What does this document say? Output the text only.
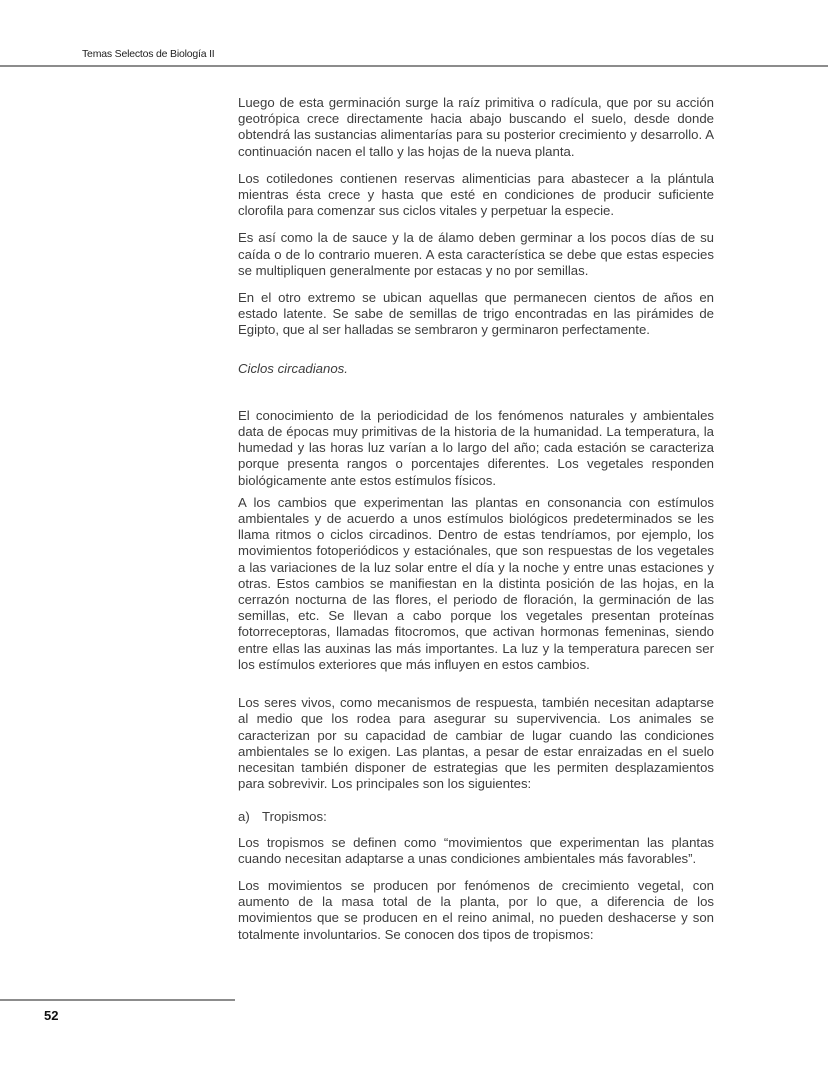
Temas Selectos de Biología II

Luego de esta germinación surge la raíz primitiva o radícula, que por su acción geotrópica crece directamente hacia abajo buscando el suelo, desde donde obtendrá las sustancias alimentarías para su posterior crecimiento y desarrollo. A continuación nacen el tallo y las hojas de la nueva planta.

Los cotiledones contienen reservas alimenticias para abastecer a la plántula mientras ésta crece y hasta que esté en condiciones de producir suficiente clorofila para comenzar sus ciclos vitales y perpetuar la especie.

Es así como la de sauce y la de álamo deben germinar a los pocos días de su caída o de lo contrario mueren. A esta característica se debe que estas especies se multipliquen generalmente por estacas y no por semillas.

En el otro extremo se ubican aquellas que permanecen cientos de años en estado latente. Se sabe de semillas de trigo encontradas en las pirámides de Egipto, que al ser halladas se sembraron y germinaron perfectamente.

Ciclos circadianos.

El conocimiento de la periodicidad de los fenómenos naturales y ambientales data de épocas muy primitivas de la historia de la humanidad. La temperatura, la humedad y las horas luz varían a lo largo del año; cada estación se caracteriza porque presenta rangos o porcentajes diferentes. Los vegetales responden biológicamente ante estos estímulos físicos.

A los cambios que experimentan las plantas en consonancia con estímulos ambientales y de acuerdo a unos estímulos biológicos predeterminados se les llama ritmos o ciclos circadinos. Dentro de estas tendríamos, por ejemplo, los movimientos fotoperiódicos y estaciónales, que son respuestas de los vegetales a las variaciones de la luz solar entre el día y la noche y entre unas estaciones y otras. Estos cambios se manifiestan en la distinta posición de las hojas, en la cerrazón nocturna de las flores, el periodo de floración, la germinación de las semillas, etc. Se llevan a cabo porque los vegetales presentan proteínas fotorreceptoras, llamadas fitocromos, que activan hormonas femeninas, siendo entre ellas las auxinas las más importantes. La luz y la temperatura parecen ser los estímulos exteriores que más influyen en estos cambios.

Los seres vivos, como mecanismos de respuesta, también necesitan adaptarse al medio que los rodea para asegurar su supervivencia. Los animales se caracterizan por su capacidad de cambiar de lugar cuando las condiciones ambientales se lo exigen. Las plantas, a pesar de estar enraizadas en el suelo necesitan también disponer de estrategias que les permiten desplazamientos para sobrevivir. Los principales son los siguientes:

a) Tropismos:

Los tropismos se definen como “movimientos que experimentan las plantas cuando necesitan adaptarse a unas condiciones ambientales más favorables”.

Los movimientos se producen por fenómenos de crecimiento vegetal, con aumento de la masa total de la planta, por lo que, a diferencia de los movimientos que se producen en el reino animal, no pueden deshacerse y son totalmente involuntarios. Se conocen dos tipos de tropismos:

52
